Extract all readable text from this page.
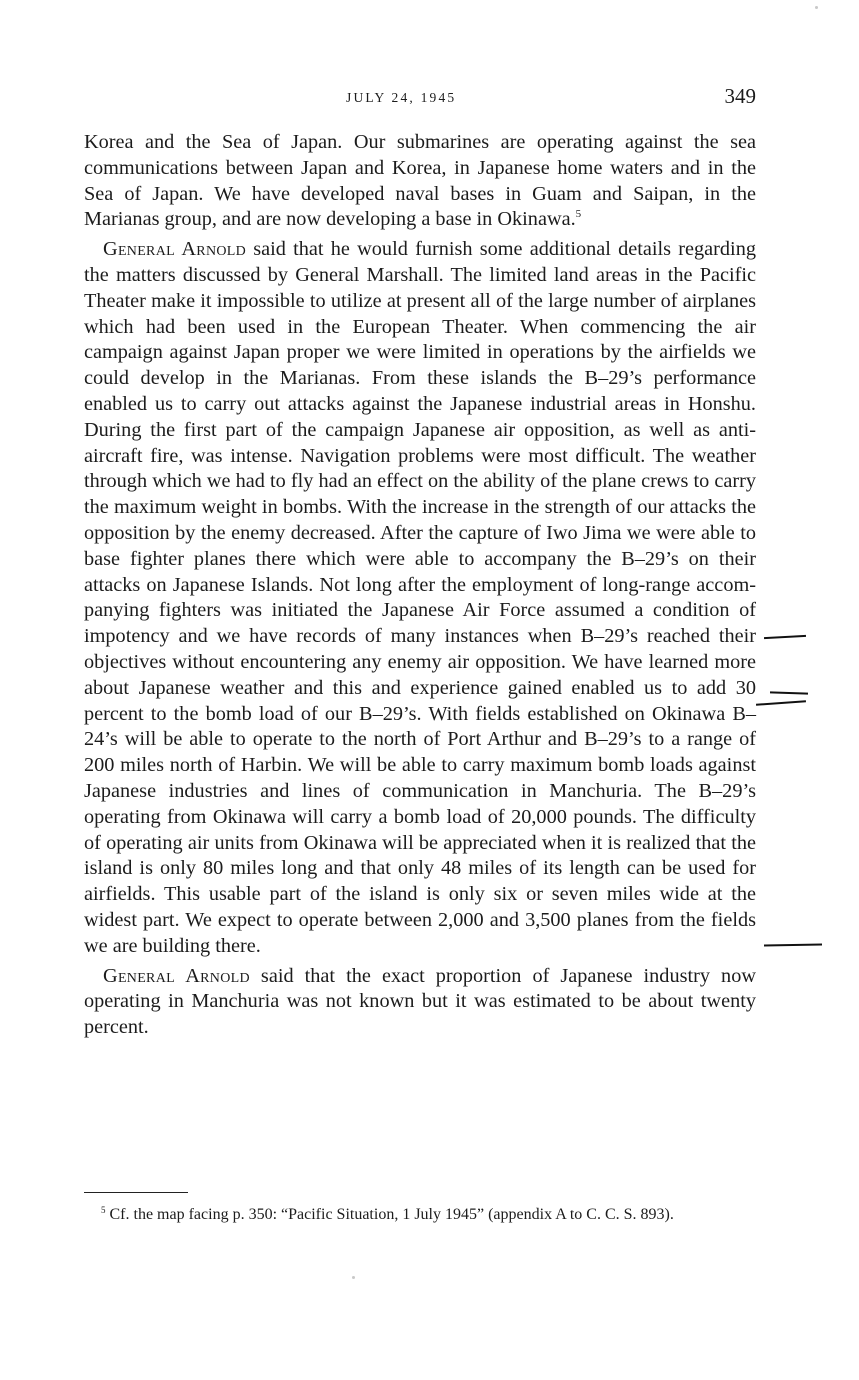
JULY 24, 1945	349

Korea and the Sea of Japan. Our submarines are operating against the sea communications between Japan and Korea, in Japanese home waters and in the Sea of Japan. We have developed naval bases in Guam and Saipan, in the Marianas group, and are now developing a base in Okinawa.$^5$

General Arnold said that he would furnish some additional details regarding the matters discussed by General Marshall. The limited land areas in the Pacific Theater make it impossible to utilize at present all of the large number of airplanes which had been used in the European Theater. When commencing the air campaign against Japan proper we were limited in operations by the airfields we could develop in the Marianas. From these islands the B–29’s performance enabled us to carry out attacks against the Japanese industrial areas in Honshu. During the first part of the campaign Japanese air opposition, as well as anti-aircraft fire, was intense. Navigation problems were most difficult. The weather through which we had to fly had an effect on the ability of the plane crews to carry the maximum weight in bombs. With the increase in the strength of our attacks the opposition by the enemy decreased. After the capture of Iwo Jima we were able to base fighter planes there which were able to accompany the B–29’s on their attacks on Japanese Islands. Not long after the employment of long-range accompanying fighters was initiated the Japanese Air Force assumed a condition of impotency and we have records of many instances when B–29’s reached their objectives without encountering any enemy air opposition. We have learned more about Japanese weather and this and experience gained enabled us to add 30 percent to the bomb load of our B–29’s. With fields established on Okinawa B–24’s will be able to operate to the north of Port Arthur and B–29’s to a range of 200 miles north of Harbin. We will be able to carry maximum bomb loads against Japanese industries and lines of communication in Manchuria. The B–29’s operating from Okinawa will carry a bomb load of 20,000 pounds. The difficulty of operating air units from Okinawa will be appreciated when it is realized that the island is only 80 miles long and that only 48 miles of its length can be used for airfields. This usable part of the island is only six or seven miles wide at the widest part. We expect to operate between 2,000 and 3,500 planes from the fields we are building there.

General Arnold said that the exact proportion of Japanese industry now operating in Manchuria was not known but it was estimated to be about twenty percent.

$^5$ Cf. the map facing p. 350: “Pacific Situation, 1 July 1945” (appendix A to C. C. S. 893).
